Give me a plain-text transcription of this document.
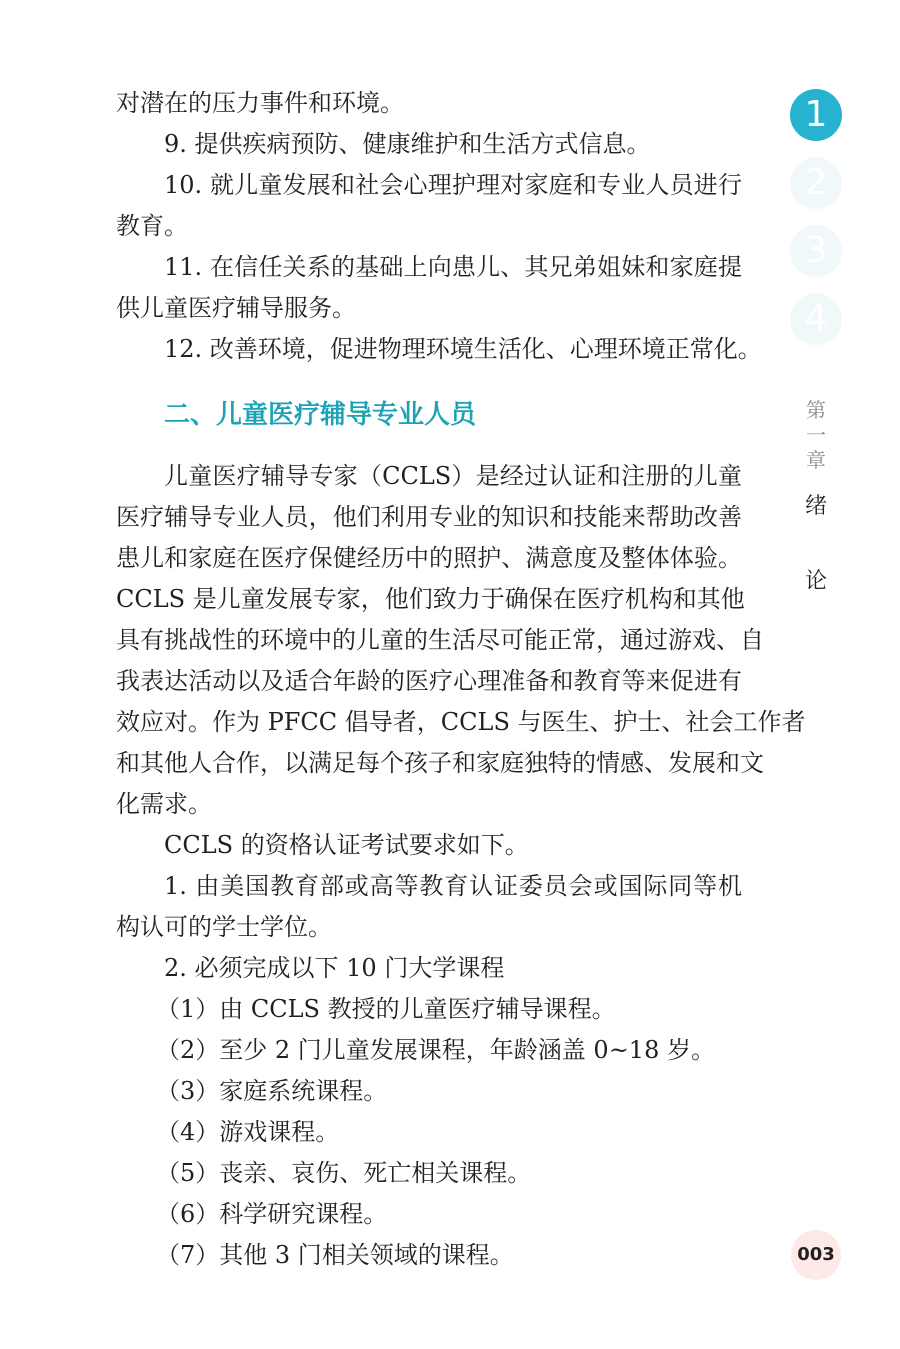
对潜在的压力事件和环境。
9. 提供疾病预防、健康维护和生活方式信息。
10. 就儿童发展和社会心理护理对家庭和专业人员进行
教育。
11. 在信任关系的基础上向患儿、其兄弟姐妹和家庭提
供儿童医疗辅导服务。
12. 改善环境，促进物理环境生活化、心理环境正常化。
二、儿童医疗辅导专业人员
儿童医疗辅导专家（CCLS）是经过认证和注册的儿童
医疗辅导专业人员，他们利用专业的知识和技能来帮助改善
患儿和家庭在医疗保健经历中的照护、满意度及整体体验。
CCLS 是儿童发展专家，他们致力于确保在医疗机构和其他
具有挑战性的环境中的儿童的生活尽可能正常，通过游戏、自
我表达活动以及适合年龄的医疗心理准备和教育等来促进有
效应对。作为 PFCC 倡导者，CCLS 与医生、护士、社会工作者
和其他人合作，以满足每个孩子和家庭独特的情感、发展和文
化需求。
CCLS 的资格认证考试要求如下。
1. 由美国教育部或高等教育认证委员会或国际同等机
构认可的学士学位。
2. 必须完成以下 10 门大学课程
（1）由 CCLS 教授的儿童医疗辅导课程。
（2）至少 2 门儿童发展课程，年龄涵盖 0~18 岁。
（3）家庭系统课程。
（4）游戏课程。
（5）丧亲、哀伤、死亡相关课程。
（6）科学研究课程。
（7）其他 3 门相关领域的课程。
1
2
3
4
第
一
章
绪
论
003
